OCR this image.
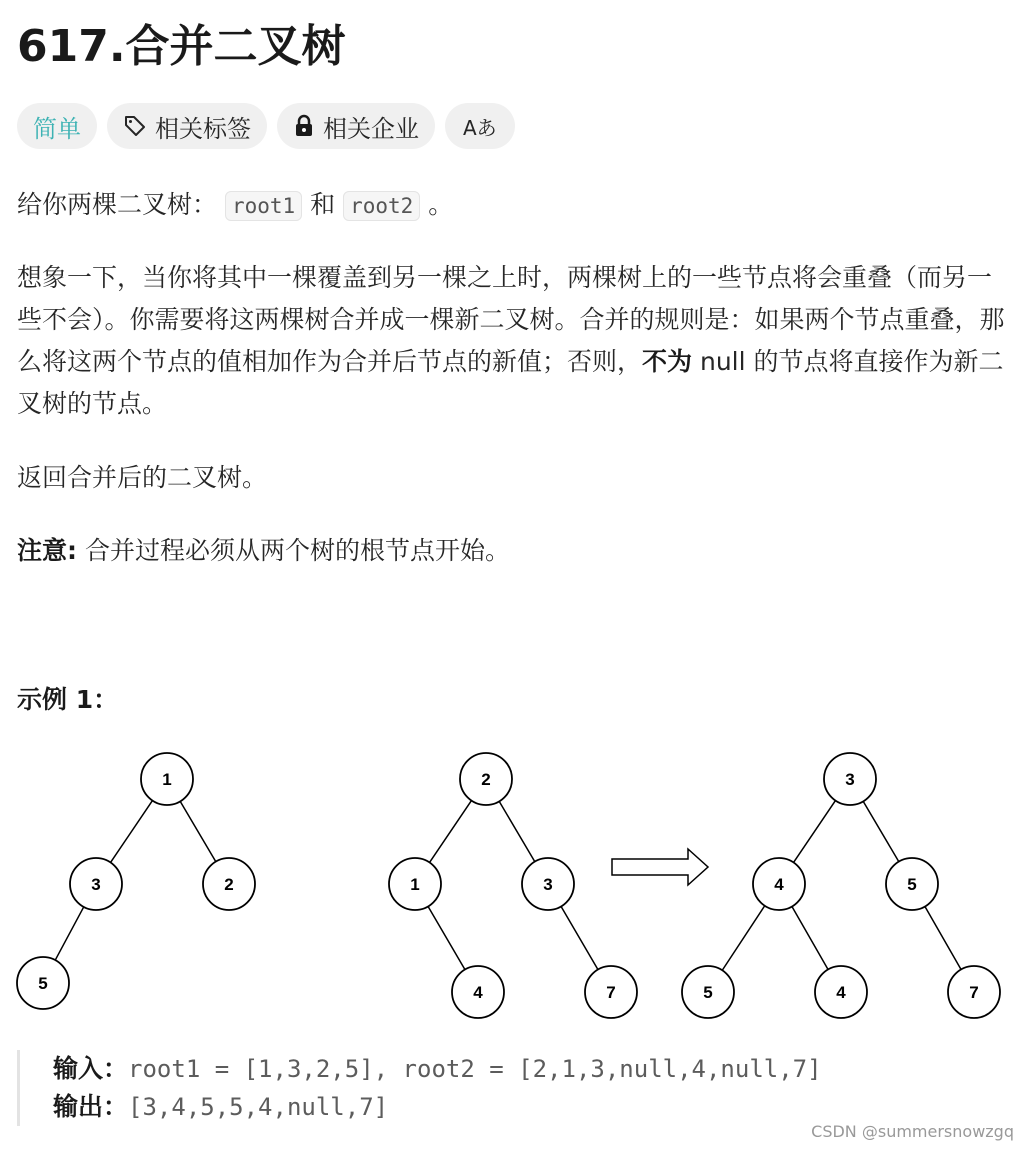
617.合并二叉树
简单	相关标签	相关企业 Aあ

给你两棵二叉树： root1 和 root2 。

想象一下，当你将其中一棵覆盖到另一棵之上时，两棵树上的一些节点将会重叠（而另一些不会）。你需要将这两棵树合并成一棵新二叉树。合并的规则是：如果两个节点重叠，那么将这两个节点的值相加作为合并后节点的新值；否则，不为 null 的节点将直接作为新二叉树的节点。

返回合并后的二叉树。

注意: 合并过程必须从两个树的根节点开始。

示例 1：

1
3	2
5
2
1	3
4	7
3
4	5
5	4	7
输入：root1 = [1,3,2,5], root2 = [2,1,3,null,4,null,7]
输出：[3,4,5,5,4,null,7]
CSDN @summersnowzgq
